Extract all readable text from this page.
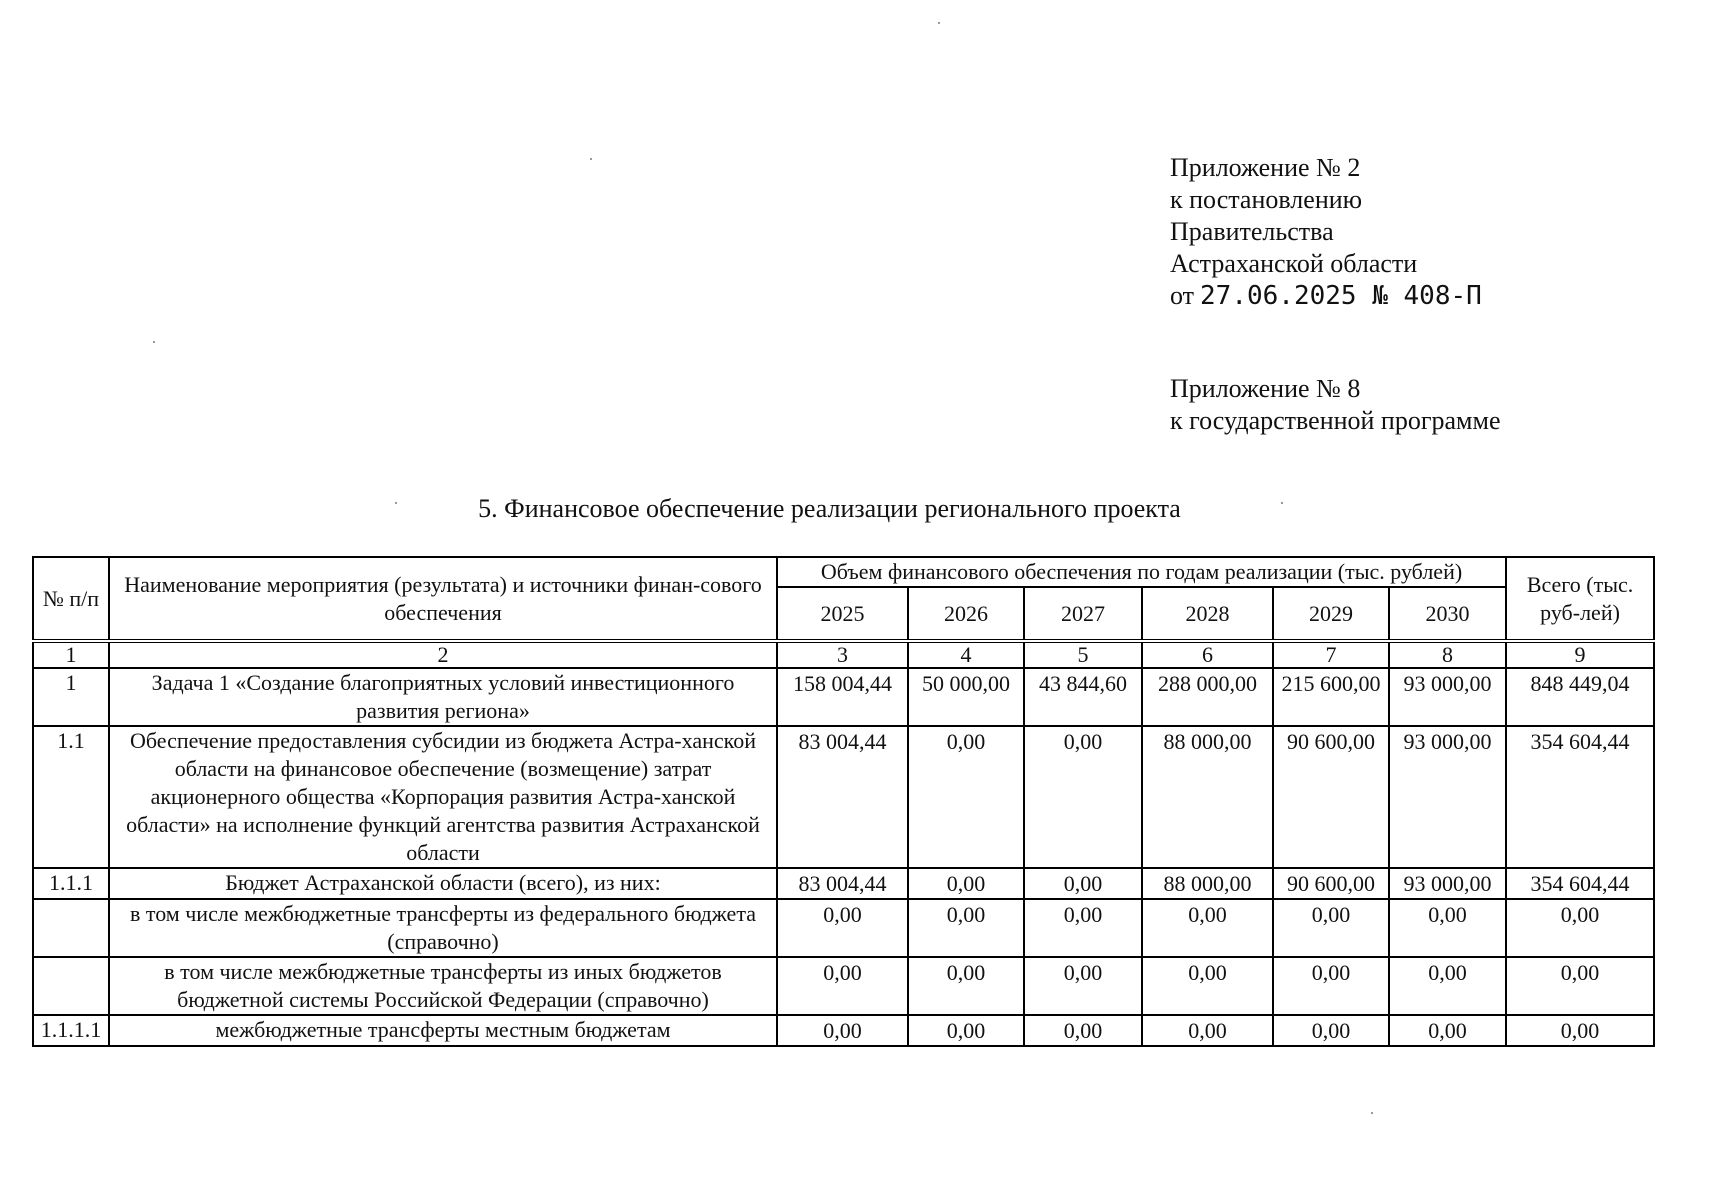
Приложение № 2
к постановлению
Правительства
Астраханской области
от 27.06.2025 № 408-П
Приложение № 8
к государственной программе
5. Финансовое обеспечение реализации регионального проекта
№ п/п	Наименование мероприятия (результата) и источники финан-сового обеспечения	Объем финансового обеспечения по годам реализации (тыс. рублей)						Всего (тыс. руб-лей)
		2025	2026	2027	2028	2029	2030	
1	2	3	4	5	6	7	8	9
1	Задача 1 «Создание благоприятных условий инвестиционного развития региона»	158 004,44	50 000,00	43 844,60	288 000,00	215 600,00	93 000,00	848 449,04
1.1	Обеспечение предоставления субсидии из бюджета Астра-ханской области на финансовое обеспечение (возмещение) затрат акционерного общества «Корпорация развития Астра-ханской области» на исполнение функций агентства развития Астраханской области	83 004,44	0,00	0,00	88 000,00	90 600,00	93 000,00	354 604,44
1.1.1	Бюджет Астраханской области (всего), из них:	83 004,44	0,00	0,00	88 000,00	90 600,00	93 000,00	354 604,44
	в том числе межбюджетные трансферты из федерального бюджета (справочно)	0,00	0,00	0,00	0,00	0,00	0,00	0,00
	в том числе межбюджетные трансферты из иных бюджетов бюджетной системы Российской Федерации (справочно)	0,00	0,00	0,00	0,00	0,00	0,00	0,00
1.1.1.1	межбюджетные трансферты местным бюджетам	0,00	0,00	0,00	0,00	0,00	0,00	0,00
